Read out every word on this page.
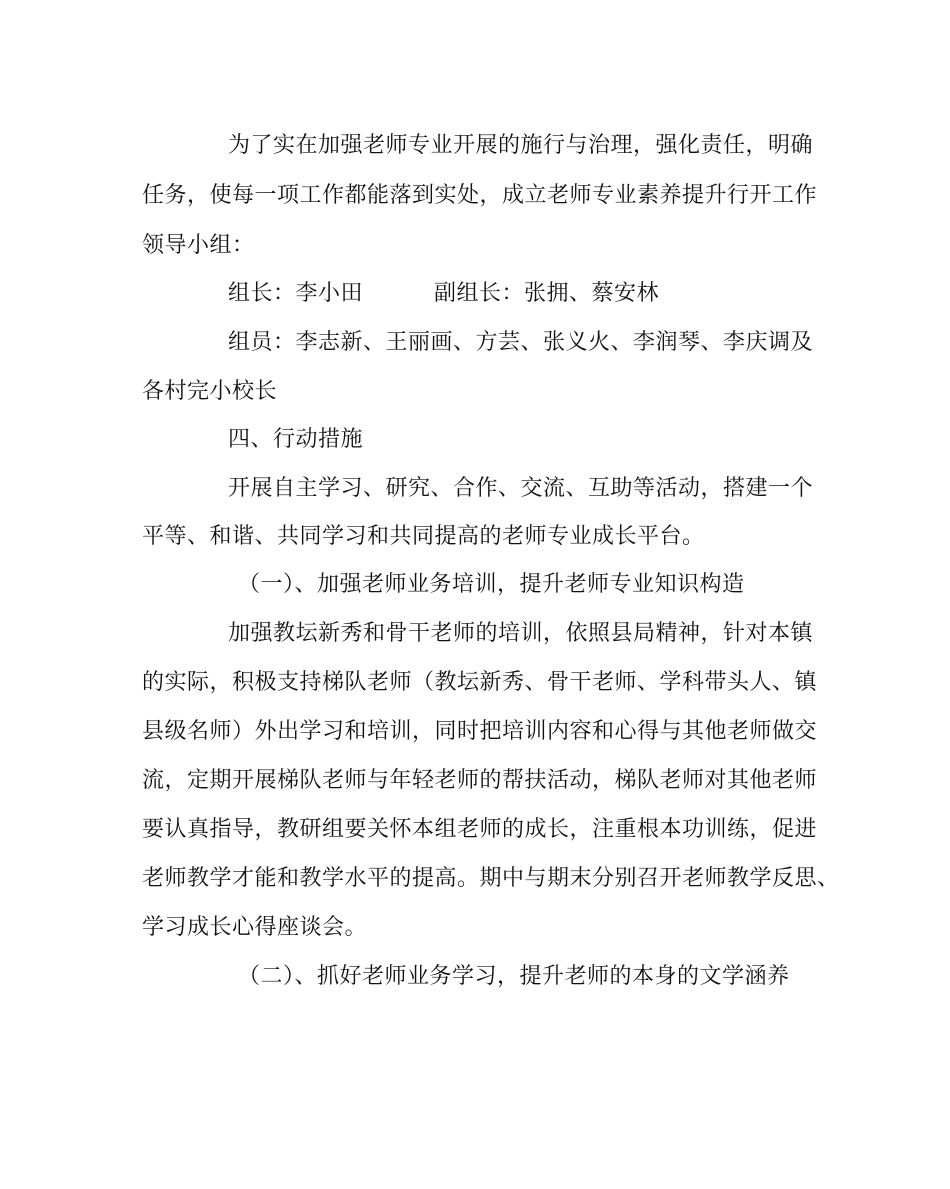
为了实在加强老师专业开展的施行与治理，强化责任，明确
任务，使每一项工作都能落到实处，成立老师专业素养提升行开工作
领导小组：
组长：李小田	副组长：张拥、蔡安林
组员：李志新、王丽画、方芸、张义火、李润琴、李庆调及
各村完小校长
四、行动措施
开展自主学习、研究、合作、交流、互助等活动，搭建一个
平等、和谐、共同学习和共同提高的老师专业成长平台。
（一）、加强老师业务培训，提升老师专业知识构造
加强教坛新秀和骨干老师的培训，依照县局精神，针对本镇
的实际，积极支持梯队老师（教坛新秀、骨干老师、学科带头人、镇
县级名师）外出学习和培训，同时把培训内容和心得与其他老师做交
流，定期开展梯队老师与年轻老师的帮扶活动，梯队老师对其他老师
要认真指导，教研组要关怀本组老师的成长，注重根本功训练，促进
老师教学才能和教学水平的提高。期中与期末分别召开老师教学反思、
学习成长心得座谈会。
（二）、抓好老师业务学习，提升老师的本身的文学涵养
